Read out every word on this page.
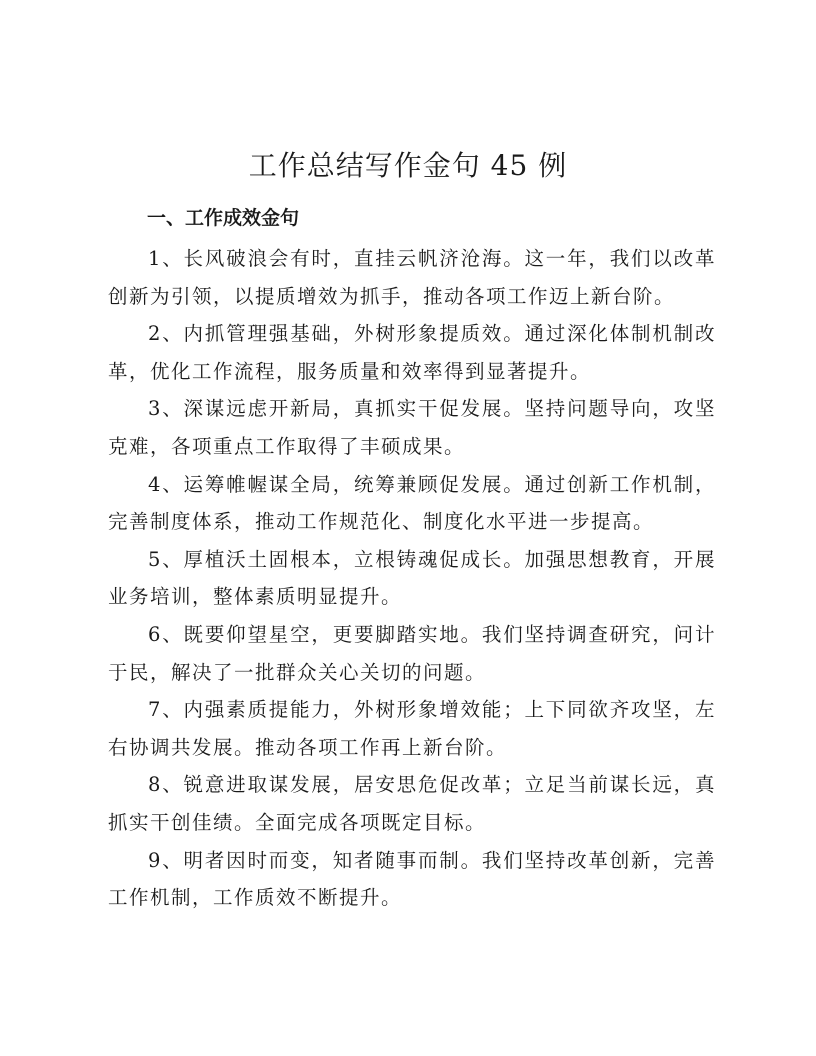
工作总结写作金句 45 例
一、工作成效金句

1、长风破浪会有时，直挂云帆济沧海。这一年，我们以改革创新为引领，以提质增效为抓手，推动各项工作迈上新台阶。

2、内抓管理强基础，外树形象提质效。通过深化体制机制改革，优化工作流程，服务质量和效率得到显著提升。

3、深谋远虑开新局，真抓实干促发展。坚持问题导向，攻坚克难，各项重点工作取得了丰硕成果。

4、运筹帷幄谋全局，统筹兼顾促发展。通过创新工作机制，完善制度体系，推动工作规范化、制度化水平进一步提高。

5、厚植沃土固根本，立根铸魂促成长。加强思想教育，开展业务培训，整体素质明显提升。

6、既要仰望星空，更要脚踏实地。我们坚持调查研究，问计于民，解决了一批群众关心关切的问题。

7、内强素质提能力，外树形象增效能；上下同欲齐攻坚，左右协调共发展。推动各项工作再上新台阶。

8、锐意进取谋发展，居安思危促改革；立足当前谋长远，真抓实干创佳绩。全面完成各项既定目标。

9、明者因时而变，知者随事而制。我们坚持改革创新，完善工作机制，工作质效不断提升。
